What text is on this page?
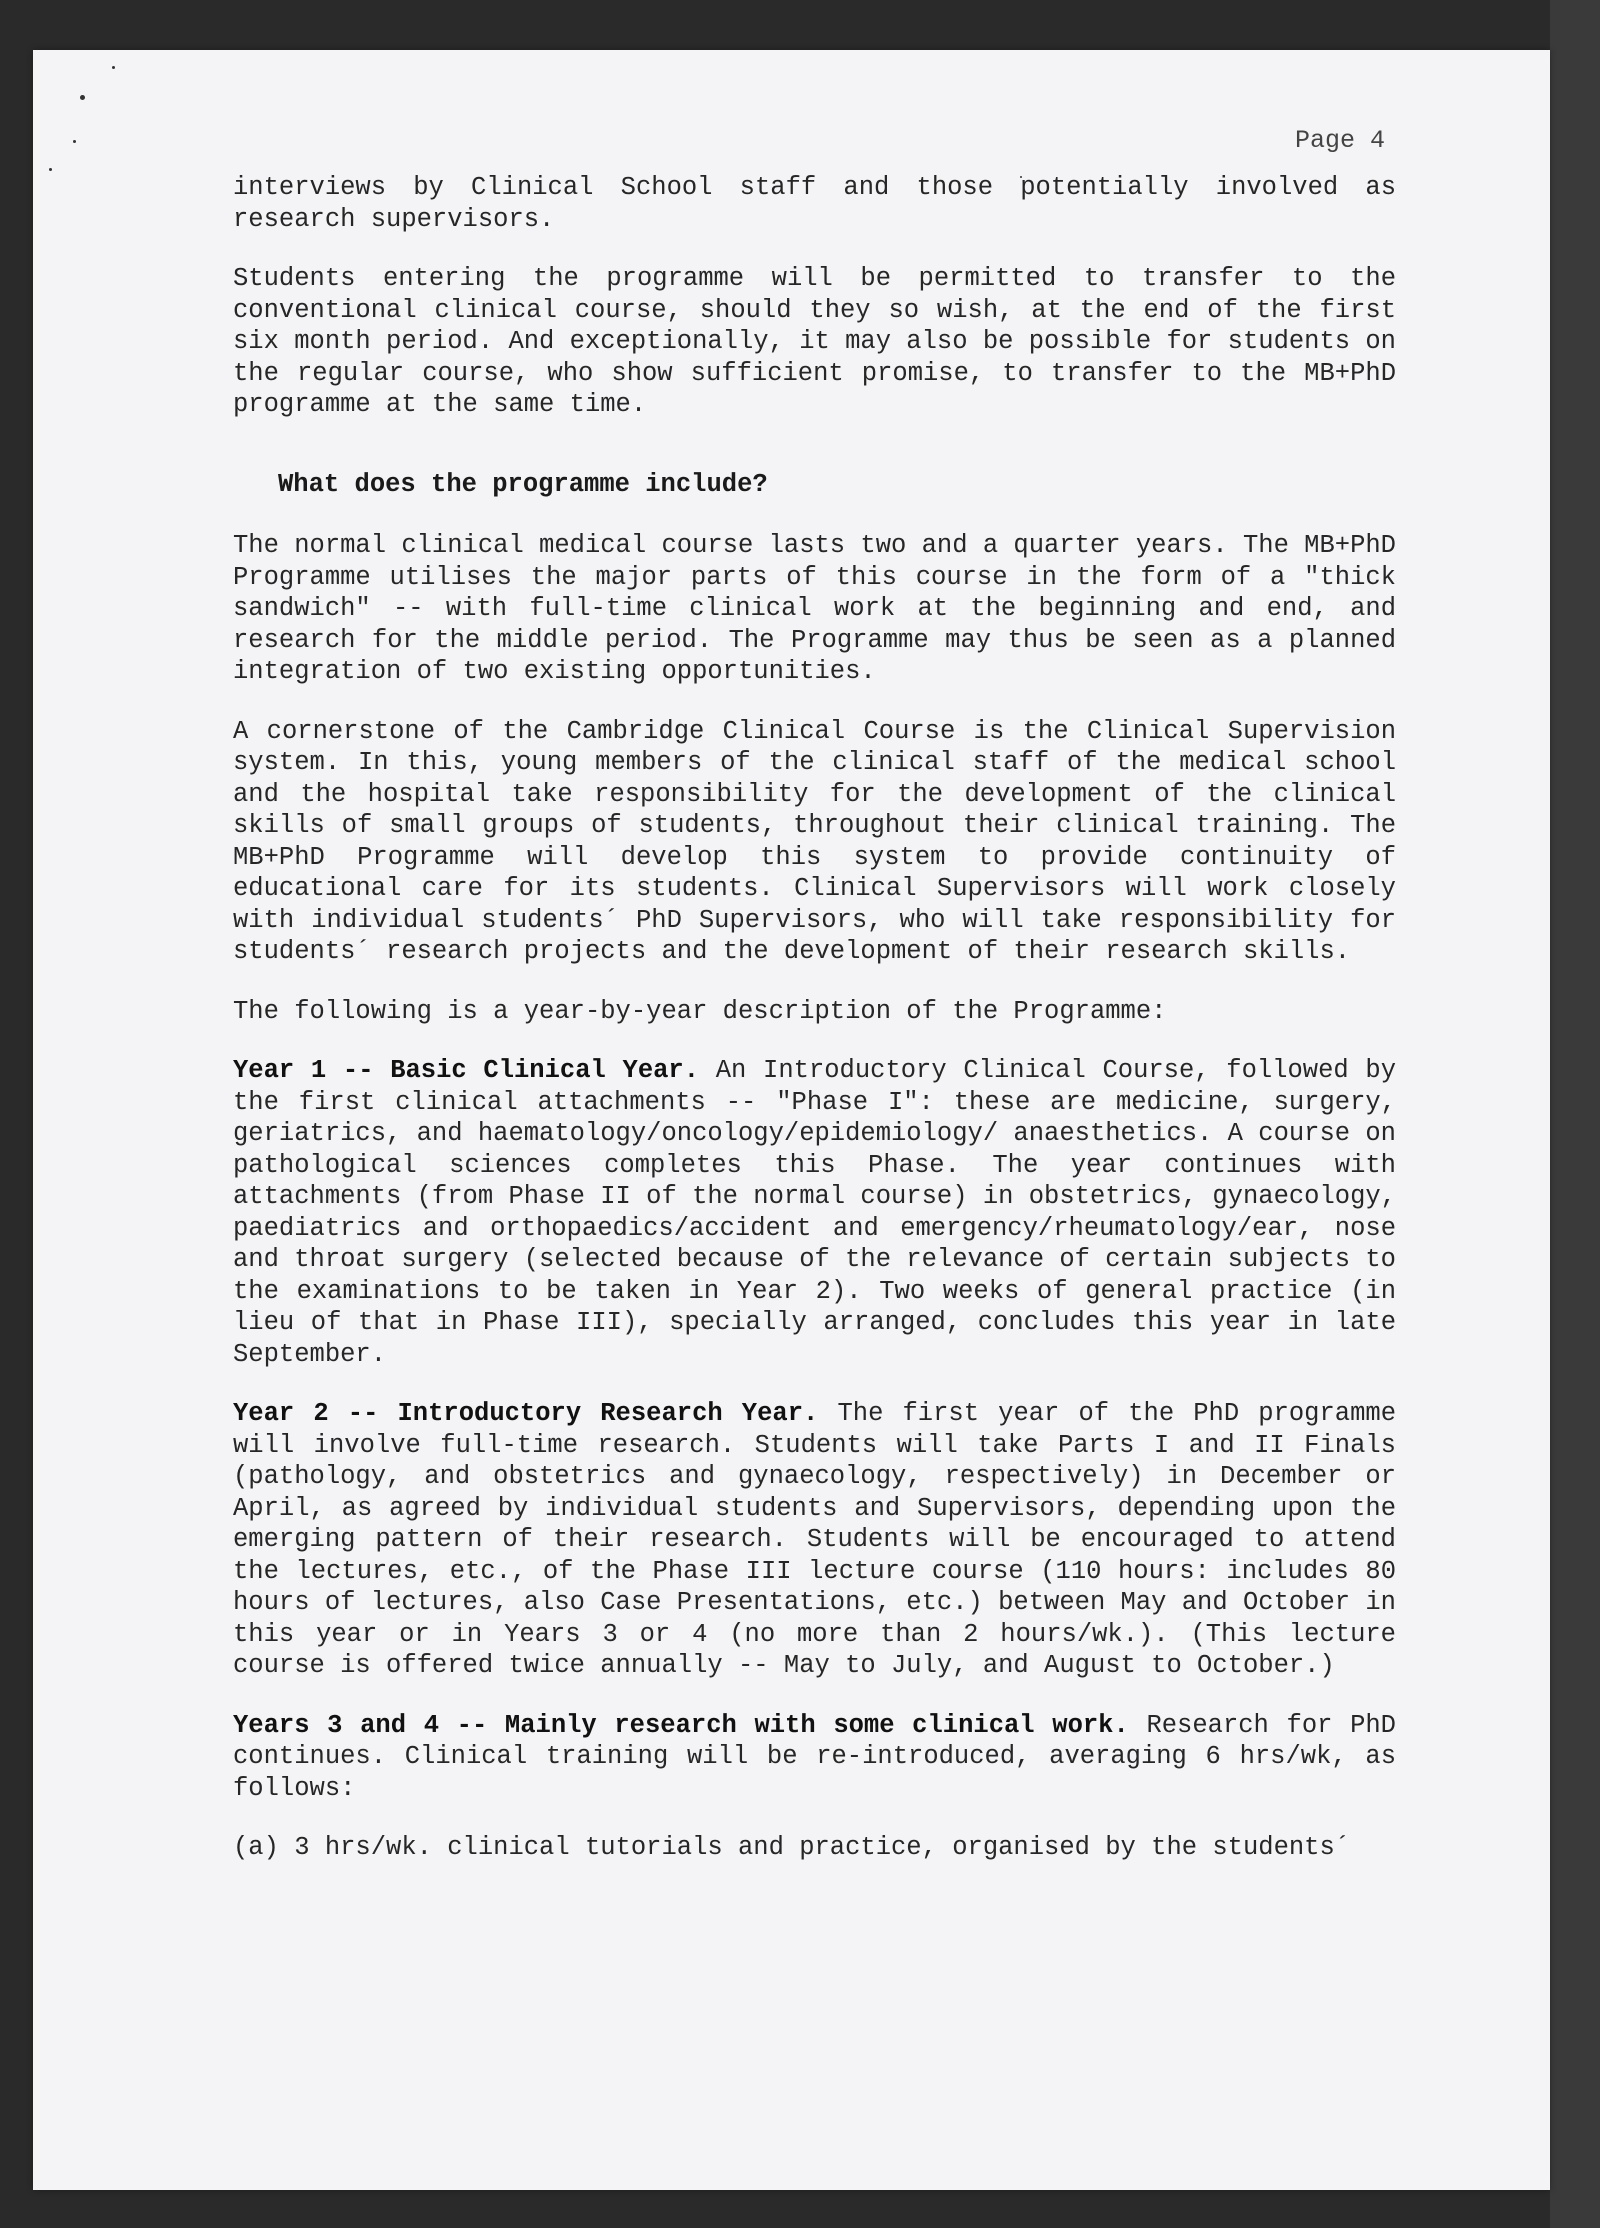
Page 4

interviews by Clinical School staff and those potentially involved as research supervisors.

Students entering the programme will be permitted to transfer to the conventional clinical course, should they so wish, at the end of the first six month period. And exceptionally, it may also be possible for students on the regular course, who show sufficient promise, to transfer to the MB+PhD programme at the same time.

What does the programme include?

The normal clinical medical course lasts two and a quarter years. The MB+PhD Programme utilises the major parts of this course in the form of a "thick sandwich" -- with full-time clinical work at the beginning and end, and research for the middle period. The Programme may thus be seen as a planned integration of two existing opportunities.

A cornerstone of the Cambridge Clinical Course is the Clinical Supervision system. In this, young members of the clinical staff of the medical school and the hospital take responsibility for the development of the clinical skills of small groups of students, throughout their clinical training. The MB+PhD Programme will develop this system to provide continuity of educational care for its students. Clinical Supervisors will work closely with individual students´ PhD Supervisors, who will take responsibility for students´ research projects and the development of their research skills.

The following is a year-by-year description of the Programme:

Year 1 -- Basic Clinical Year. An Introductory Clinical Course, followed by the first clinical attachments -- "Phase I": these are medicine, surgery, geriatrics, and haematology/oncology/epidemiology/ anaesthetics. A course on pathological sciences completes this Phase. The year continues with attachments (from Phase II of the normal course) in obstetrics, gynaecology, paediatrics and orthopaedics/accident and emergency/rheumatology/ear, nose and throat surgery (selected because of the relevance of certain subjects to the examinations to be taken in Year 2). Two weeks of general practice (in lieu of that in Phase III), specially arranged, concludes this year in late September.

Year 2 -- Introductory Research Year. The first year of the PhD programme will involve full-time research. Students will take Parts I and II Finals (pathology, and obstetrics and gynaecology, respectively) in December or April, as agreed by individual students and Supervisors, depending upon the emerging pattern of their research. Students will be encouraged to attend the lectures, etc., of the Phase III lecture course (110 hours: includes 80 hours of lectures, also Case Presentations, etc.) between May and October in this year or in Years 3 or 4 (no more than 2 hours/wk.). (This lecture course is offered twice annually -- May to July, and August to October.)

Years 3 and 4 -- Mainly research with some clinical work. Research for PhD continues. Clinical training will be re-introduced, averaging 6 hrs/wk, as follows:

(a) 3 hrs/wk. clinical tutorials and practice, organised by the students´
